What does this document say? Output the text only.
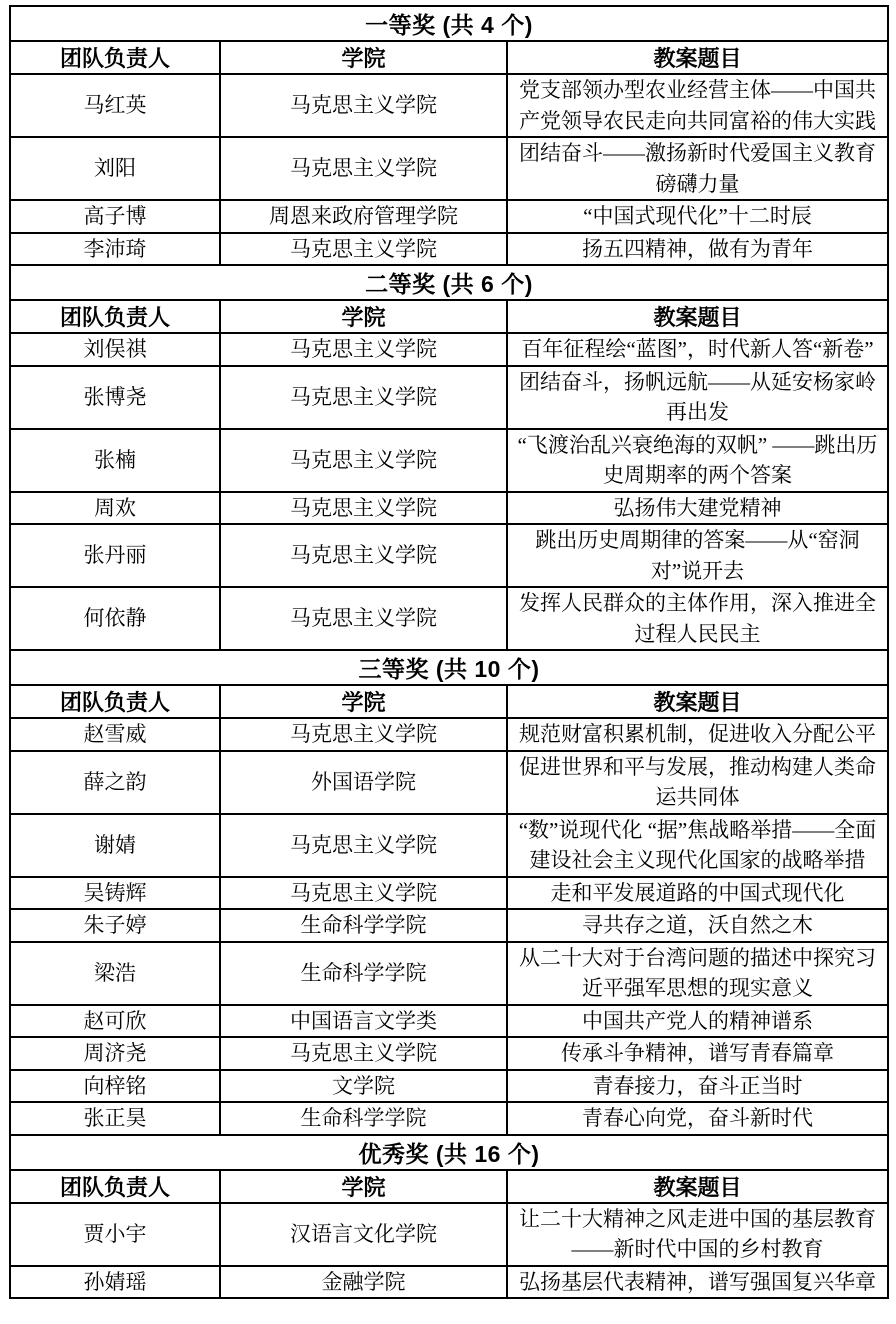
一等奖 (共 4 个)		
团队负责人	学院	教案题目
马红英	马克思主义学院	党支部领办型农业经营主体——中国共产党领导农民走向共同富裕的伟大实践
刘阳	马克思主义学院	团结奋斗——激扬新时代爱国主义教育磅礴力量
高子博	周恩来政府管理学院	“中国式现代化”十二时辰
李沛琦	马克思主义学院	扬五四精神，做有为青年
二等奖 (共 6 个)		
团队负责人	学院	教案题目
刘俣祺	马克思主义学院	百年征程绘“蓝图”，时代新人答“新卷”
张博尧	马克思主义学院	团结奋斗，扬帆远航——从延安杨家岭再出发
张楠	马克思主义学院	“飞渡治乱兴衰绝海的双帆” ——跳出历史周期率的两个答案
周欢	马克思主义学院	弘扬伟大建党精神
张丹丽	马克思主义学院	跳出历史周期律的答案——从“窑洞对”说开去
何依静	马克思主义学院	发挥人民群众的主体作用，深入推进全过程人民民主
三等奖 (共 10 个)		
团队负责人	学院	教案题目
赵雪威	马克思主义学院	规范财富积累机制，促进收入分配公平
薛之韵	外国语学院	促进世界和平与发展，推动构建人类命运共同体
谢婧	马克思主义学院	“数”说现代化 “据”焦战略举措——全面建设社会主义现代化国家的战略举措
吴铸辉	马克思主义学院	走和平发展道路的中国式现代化
朱子婷	生命科学学院	寻共存之道，沃自然之木
梁浩	生命科学学院	从二十大对于台湾问题的描述中探究习近平强军思想的现实意义
赵可欣	中国语言文学类	中国共产党人的精神谱系
周济尧	马克思主义学院	传承斗争精神，谱写青春篇章
向梓铭	文学院	青春接力，奋斗正当时
张正昊	生命科学学院	青春心向党，奋斗新时代
优秀奖 (共 16 个)		
团队负责人	学院	教案题目
贾小宇	汉语言文化学院	让二十大精神之风走进中国的基层教育——新时代中国的乡村教育
孙婧瑶	金融学院	弘扬基层代表精神，谱写强国复兴华章
